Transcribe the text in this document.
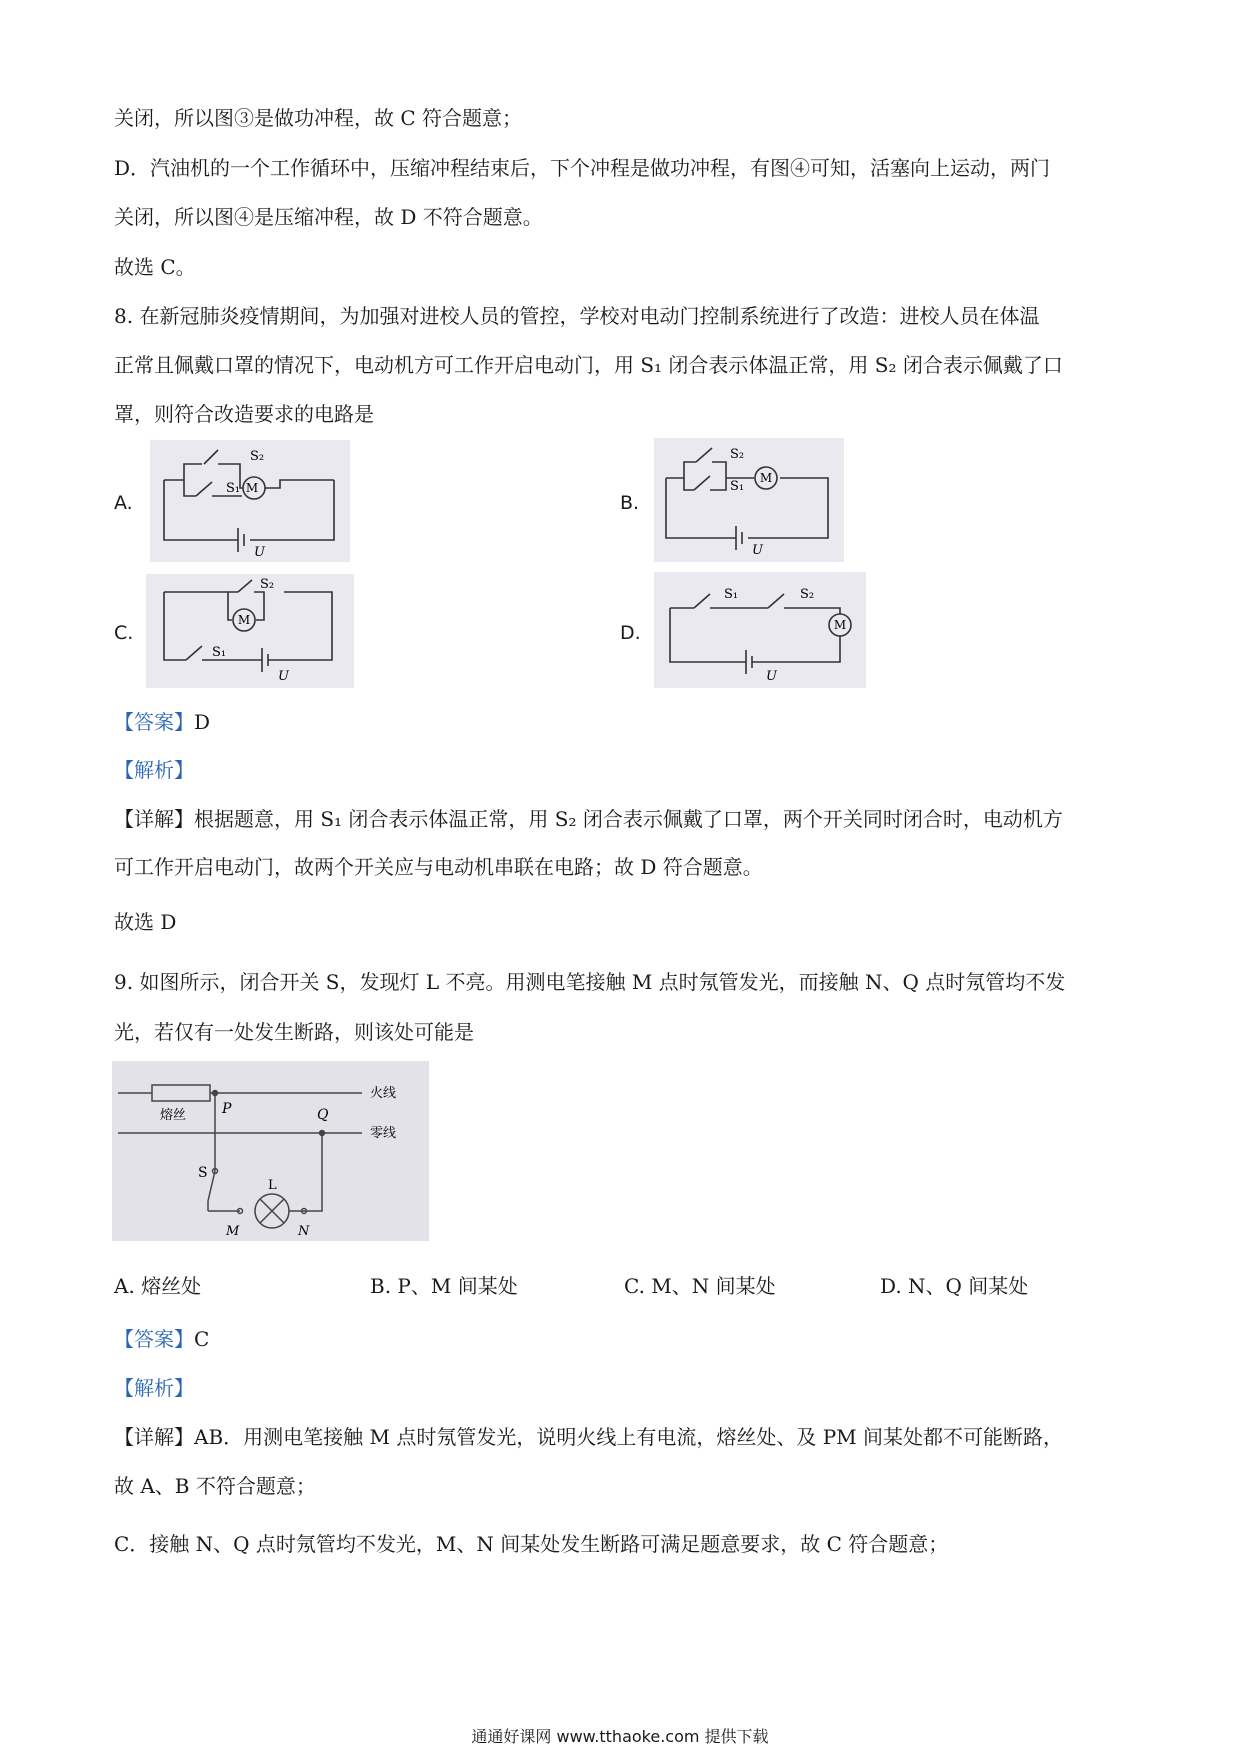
关闭，所以图③是做功冲程，故 C 符合题意；
D．汽油机的一个工作循环中，压缩冲程结束后，下个冲程是做功冲程，有图④可知，活塞向上运动，两门
关闭，所以图④是压缩冲程，故 D 不符合题意。
故选 C。
8. 在新冠肺炎疫情期间，为加强对进校人员的管控，学校对电动门控制系统进行了改造：进校人员在体温
正常且佩戴口罩的情况下，电动机方可工作开启电动门，用 S₁ 闭合表示体温正常，用 S₂ 闭合表示佩戴了口
罩，则符合改造要求的电路是
A.
M
S₂
S₁
U
B.
M
S₂
S₁
U
C.
M
S₂
S₁
U
D.	M
S₁	S₂
U
【答案】D
【解析】
【详解】根据题意，用 S₁ 闭合表示体温正常，用 S₂ 闭合表示佩戴了口罩，两个开关同时闭合时，电动机方
可工作开启电动门，故两个开关应与电动机串联在电路；故 D 符合题意。
故选 D
9. 如图所示，闭合开关 S，发现灯 L 不亮。用测电笔接触 M 点时氖管发光，而接触 N、Q 点时氖管均不发
光，若仅有一处发生断路，则该处可能是
熔丝
火线
零线
P	Q
S
L
M	N
A. 熔丝处	B. P、M 间某处	C. M、N 间某处	D. N、Q 间某处
【答案】C
【解析】
【详解】AB．用测电笔接触 M 点时氖管发光，说明火线上有电流，熔丝处、及 PM 间某处都不可能断路，
故 A、B 不符合题意；
C．接触 N、Q 点时氖管均不发光，M、N 间某处发生断路可满足题意要求，故 C 符合题意；
通通好课网 www.tthaoke.com 提供下载
